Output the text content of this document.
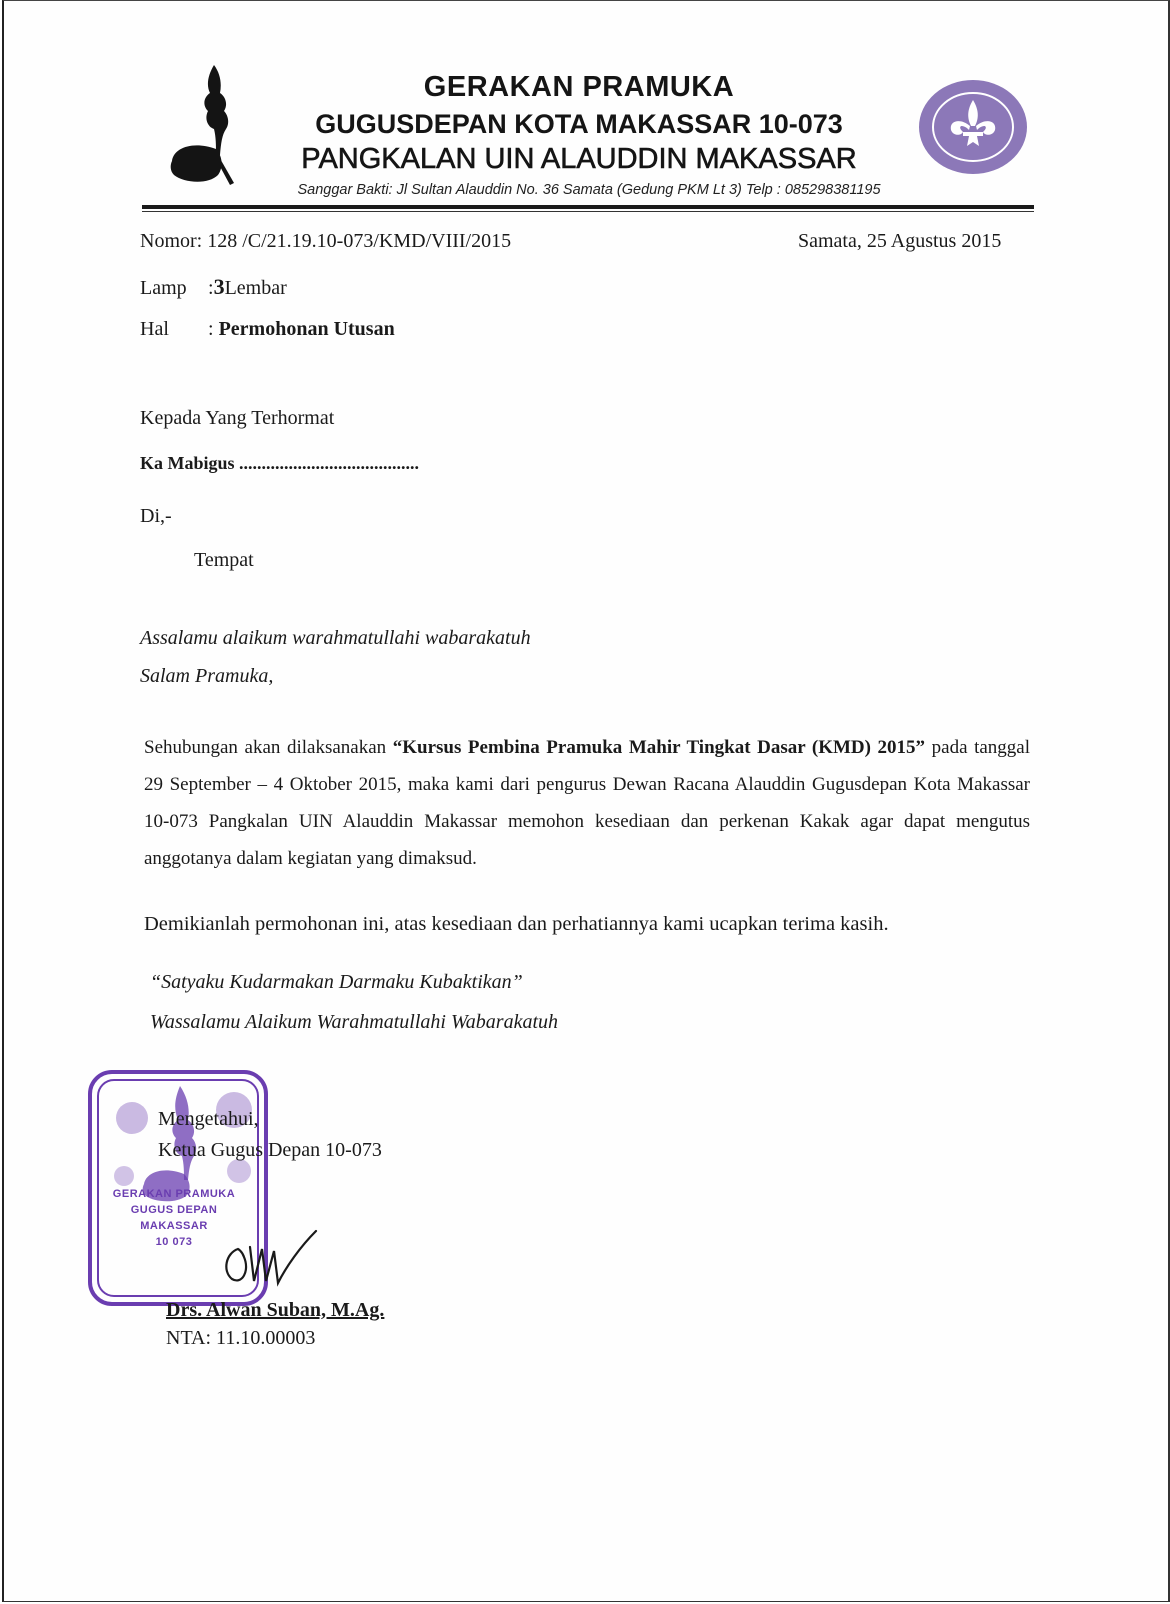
GERAKAN PRAMUKA
GUGUSDEPAN KOTA MAKASSAR 10-073
PANGKALAN UIN ALAUDDIN MAKASSAR
Sanggar Bakti: Jl Sultan Alauddin No. 36 Samata (Gedung PKM Lt 3) Telp : 085298381195
Nomor: 128 /C/21.19.10-073/KMD/VIII/2015	Samata, 25 Agustus 2015
Lamp :3Lembar
Hal : Permohonan Utusan
Kepada Yang Terhormat
Ka Mabigus ........................................
Di,-
Tempat
Assalamu alaikum warahmatullahi wabarakatuh
Salam Pramuka,
Sehubungan akan dilaksanakan “Kursus Pembina Pramuka Mahir Tingkat Dasar (KMD) 2015” pada tanggal 29 September – 4 Oktober 2015, maka kami dari pengurus Dewan Racana Alauddin Gugusdepan Kota Makassar 10-073 Pangkalan UIN Alauddin Makassar memohon kesediaan dan perkenan Kakak agar dapat mengutus anggotanya dalam kegiatan yang dimaksud.
Demikianlah permohonan ini, atas kesediaan dan perhatiannya kami ucapkan terima kasih.
“Satyaku Kudarmakan Darmaku Kubaktikan”
Wassalamu Alaikum Warahmatullahi Wabarakatuh
GERAKAN PRAMUKA
GUGUS DEPAN
MAKASSAR
10 073
Mengetahui,
Ketua Gugus Depan 10-073
Drs. Alwan Suban, M.Ag.
NTA: 11.10.00003
